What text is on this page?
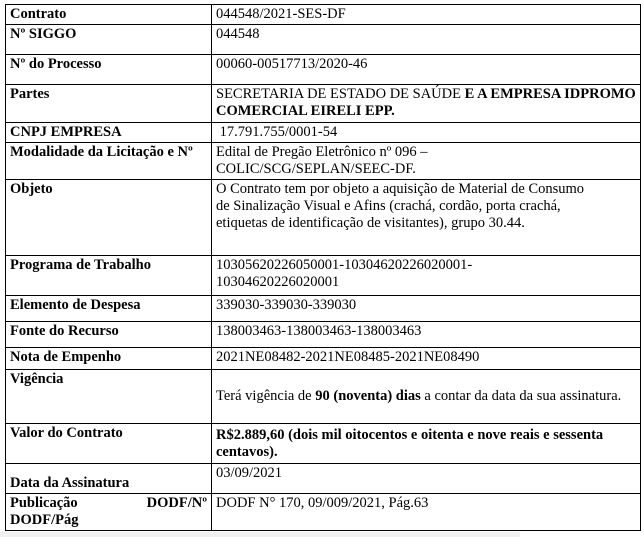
Contrato	044548/2021-SES-DF
Nº SIGGO	044548
Nº do Processo	00060-00517713/2020-46
Partes	SECRETARIA DE ESTADO DE SAÚDE E A EMPRESA IDPROMO COMERCIAL EIRELI EPP.
CNPJ EMPRESA	17.791.755/0001-54
Modalidade da Licitação e Nº	Edital de Pregão Eletrônico nº 096 –
COLIC/SCG/SEPLAN/SEEC-DF.

Objeto	O Contrato tem por objeto a aquisição de Material de Consumo
de Sinalização Visual e Afins (crachá, cordão, porta crachá,
etiquetas de identificação de visitantes), grupo 30.44.

Programa de Trabalho	10305620226050001-10304620226020001-
10304620226020001

Elemento de Despesa	339030-339030-339030
Fonte do Recurso	138003463-138003463-138003463
Nota de Empenho	2021NE08482-2021NE08485-2021NE08490
Vigência	Terá vigência de 90 (noventa) dias a contar da data da sua assinatura.
Valor do Contrato	R$2.889,60 (dois mil oitocentos e oitenta e nove reais e sessenta centavos).
Data da Assinatura	03/09/2021

Publicação DODF/Nº
DODF/Pág	DODF N° 170, 09/009/2021, Pág.63
